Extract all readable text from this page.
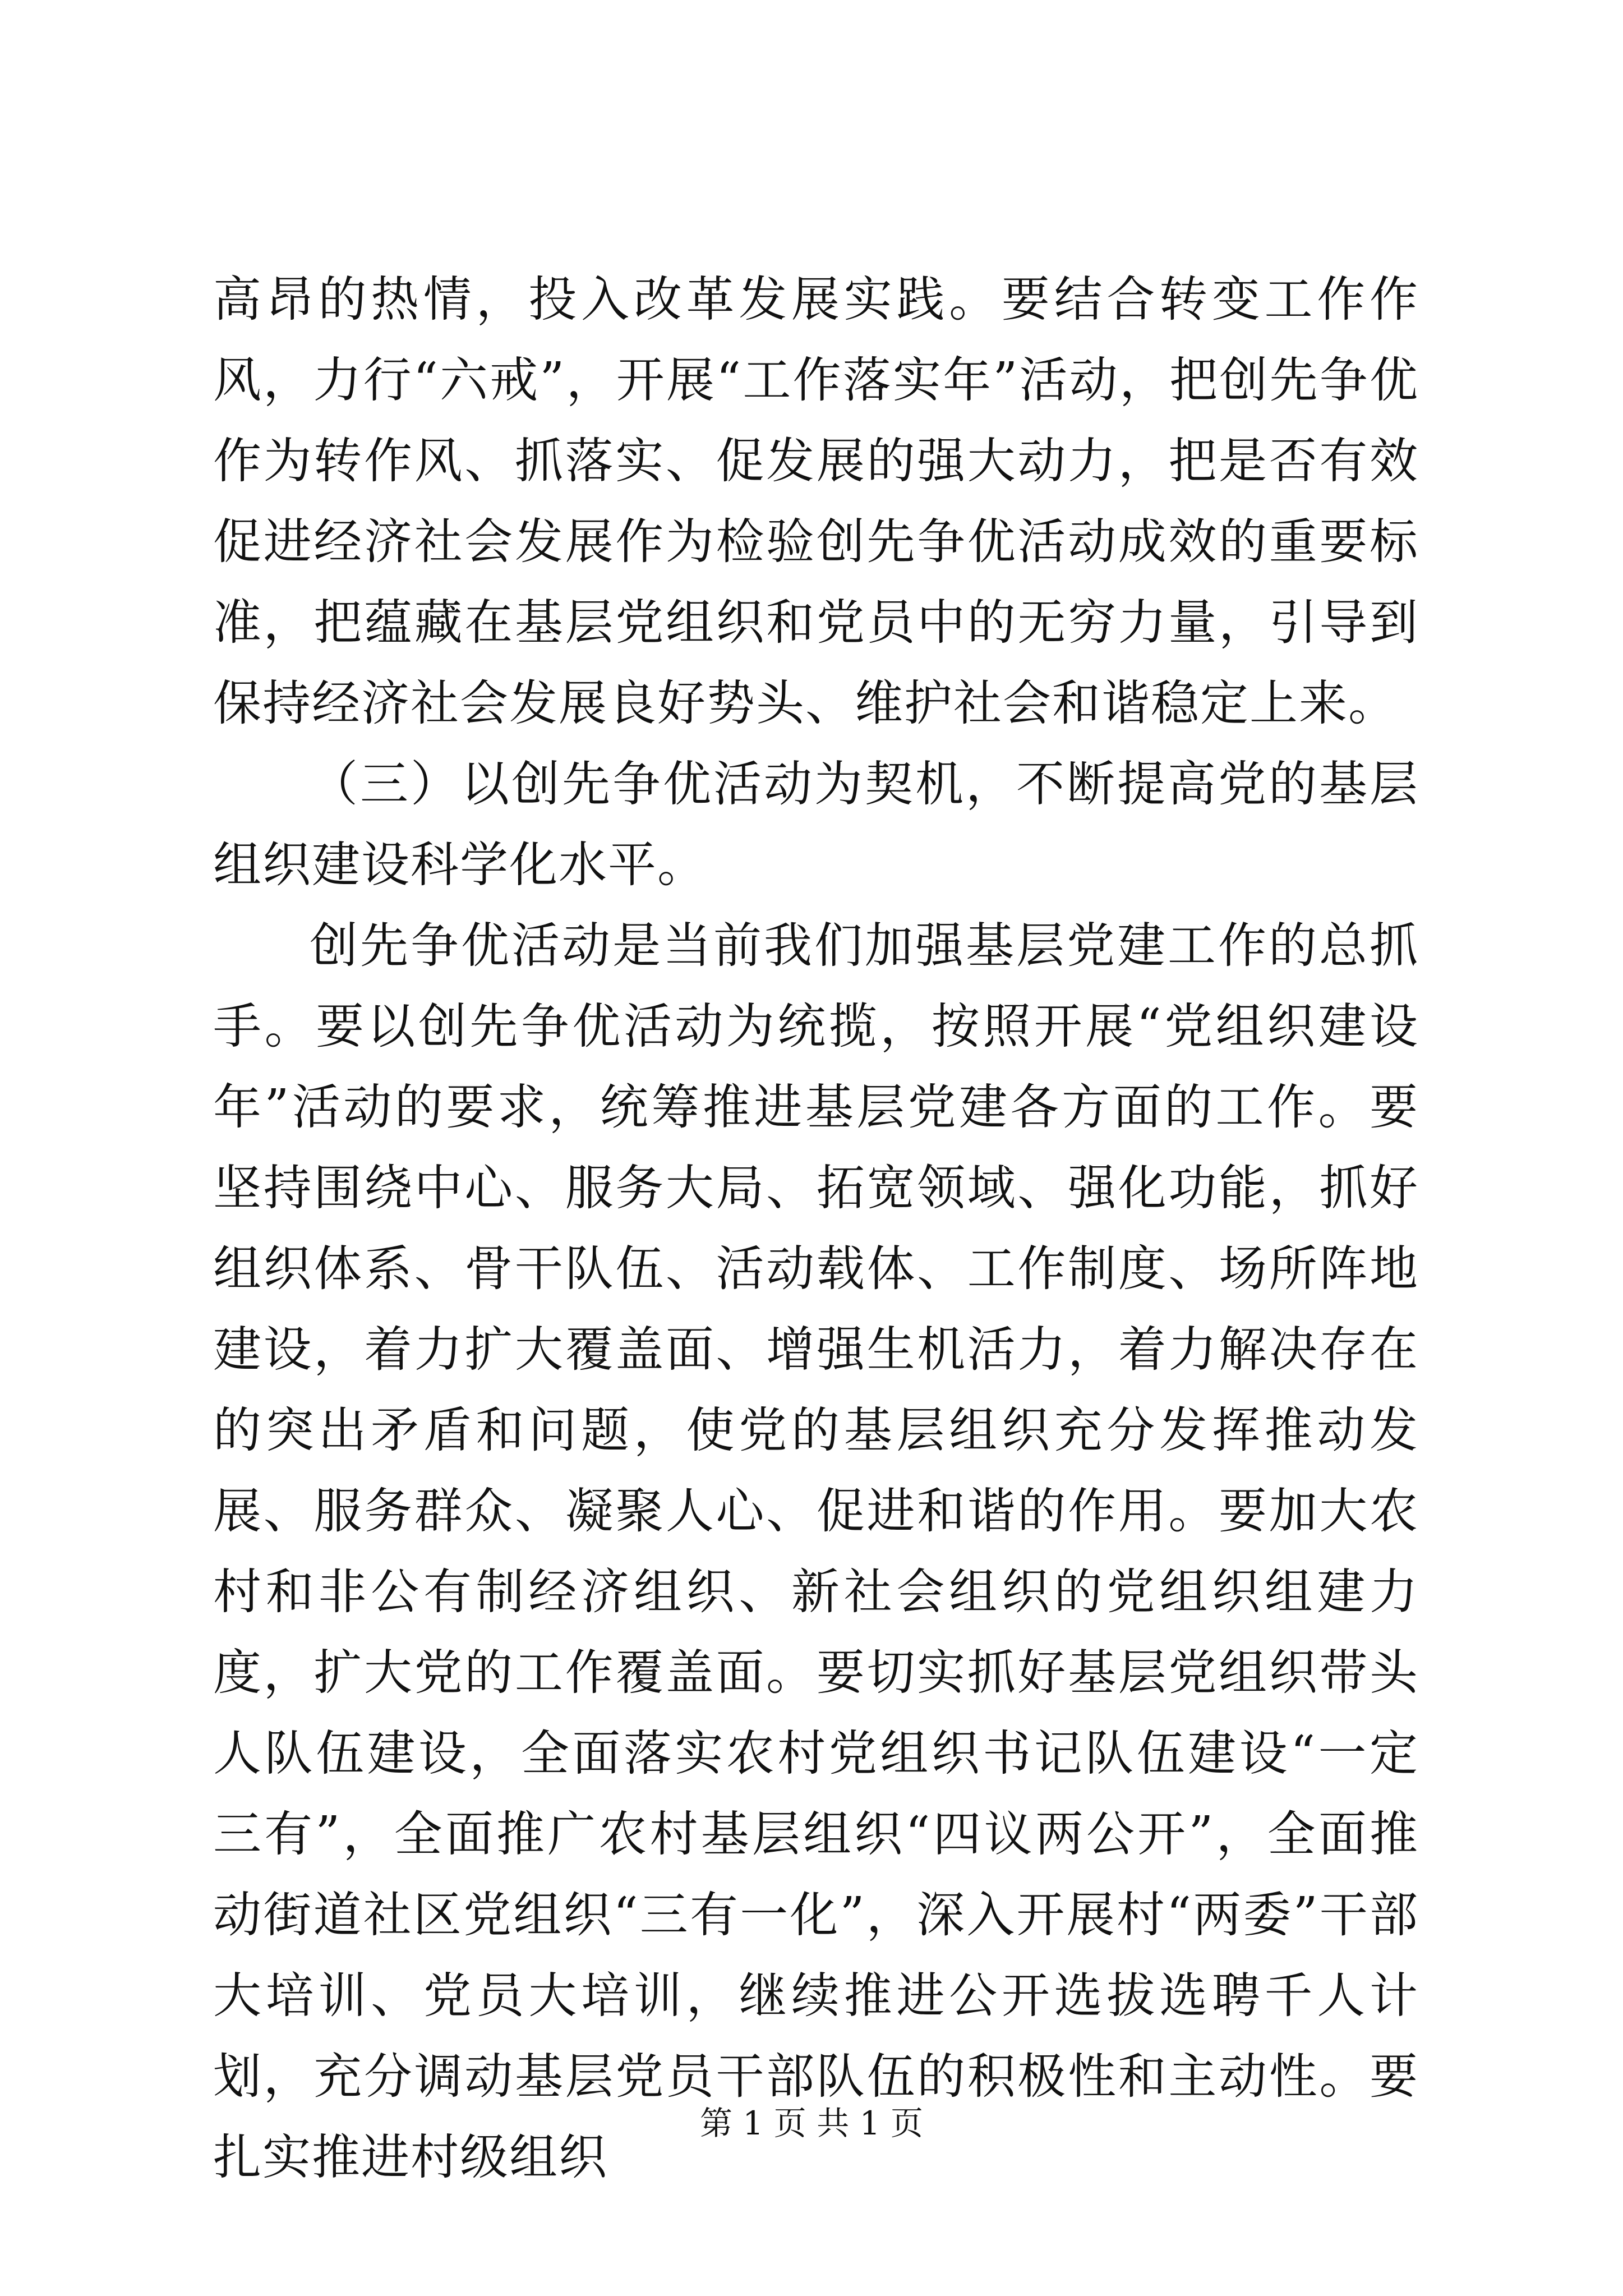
高昂的热情，投入改革发展实践。要结合转变工作作风，力行“六戒”，开展“工作落实年”活动，把创先争优作为转作风、抓落实、促发展的强大动力，把是否有效促进经济社会发展作为检验创先争优活动成效的重要标准，把蕴藏在基层党组织和党员中的无穷力量，引导到保持经济社会发展良好势头、维护社会和谐稳定上来。

（三）以创先争优活动为契机，不断提高党的基层组织建设科学化水平。

创先争优活动是当前我们加强基层党建工作的总抓手。要以创先争优活动为统揽，按照开展“党组织建设年”活动的要求，统筹推进基层党建各方面的工作。要坚持围绕中心、服务大局、拓宽领域、强化功能，抓好组织体系、骨干队伍、活动载体、工作制度、场所阵地建设，着力扩大覆盖面、增强生机活力，着力解决存在的突出矛盾和问题，使党的基层组织充分发挥推动发展、服务群众、凝聚人心、促进和谐的作用。要加大农村和非公有制经济组织、新社会组织的党组织组建力度，扩大党的工作覆盖面。要切实抓好基层党组织带头人队伍建设，全面落实农村党组织书记队伍建设“一定三有”，全面推广农村基层组织“四议两公开”，全面推动街道社区党组织“三有一化”，深入开展村“两委”干部大培训、党员大培训，继续推进公开选拔选聘千人计划，充分调动基层党员干部队伍的积极性和主动性。要扎实推进村级组织

第 1 页 共 1 页
